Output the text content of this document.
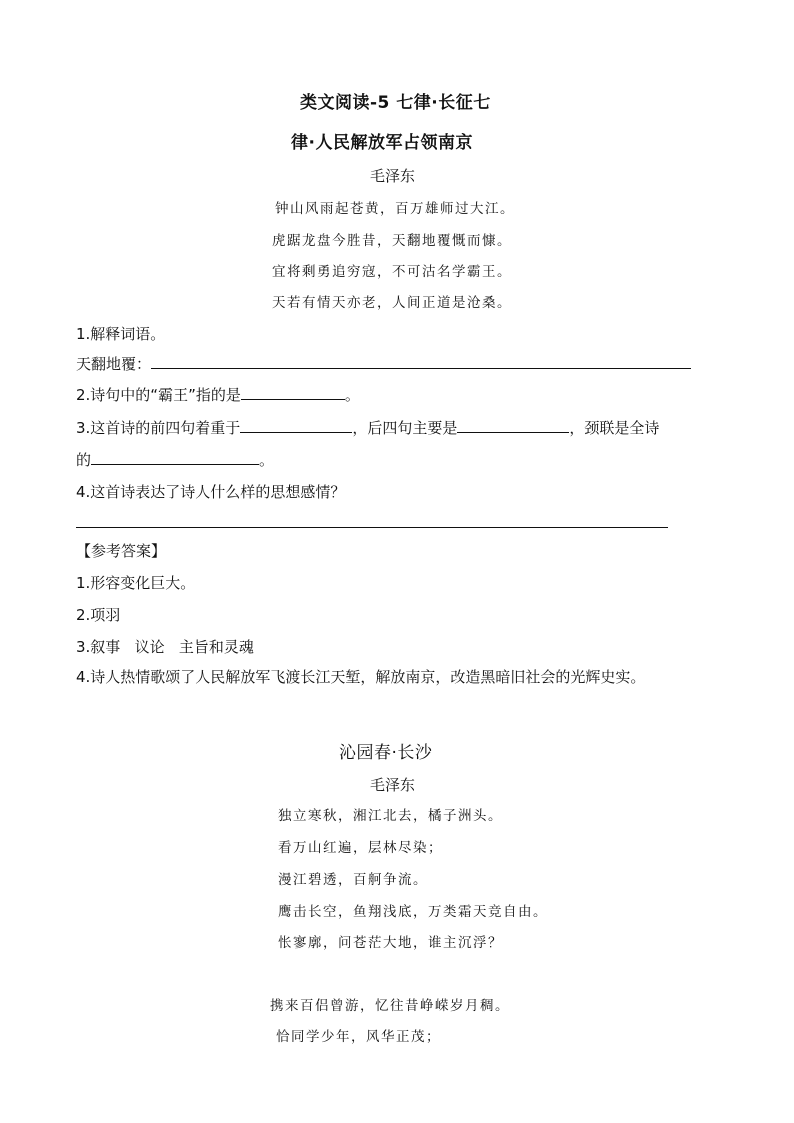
类文阅读-5 七律·长征七
律·人民解放军占领南京
毛泽东
钟山风雨起苍黄，百万雄师过大江。
虎踞龙盘今胜昔，天翻地覆慨而慷。
宜将剩勇追穷寇，不可沽名学霸王。
天若有情天亦老，人间正道是沧桑。
1.解释词语。
天翻地覆：
2.诗句中的“霸王”指的是	。
3.这首诗的前四句着重于	，后四句主要是	，颈联是全诗
的	。
4.这首诗表达了诗人什么样的思想感情？
【参考答案】
1.形容变化巨大。
2.项羽
3.叙事   议论   主旨和灵魂
4.诗人热情歌颂了人民解放军飞渡长江天堑，解放南京，改造黑暗旧社会的光辉史实。
沁园春·长沙
毛泽东
独立寒秋，湘江北去，橘子洲头。
看万山红遍，层林尽染；
漫江碧透，百舸争流。
鹰击长空，鱼翔浅底，万类霜天竞自由。
怅寥廓，问苍茫大地，谁主沉浮？
携来百侣曾游，忆往昔峥嵘岁月稠。
恰同学少年，风华正茂；
